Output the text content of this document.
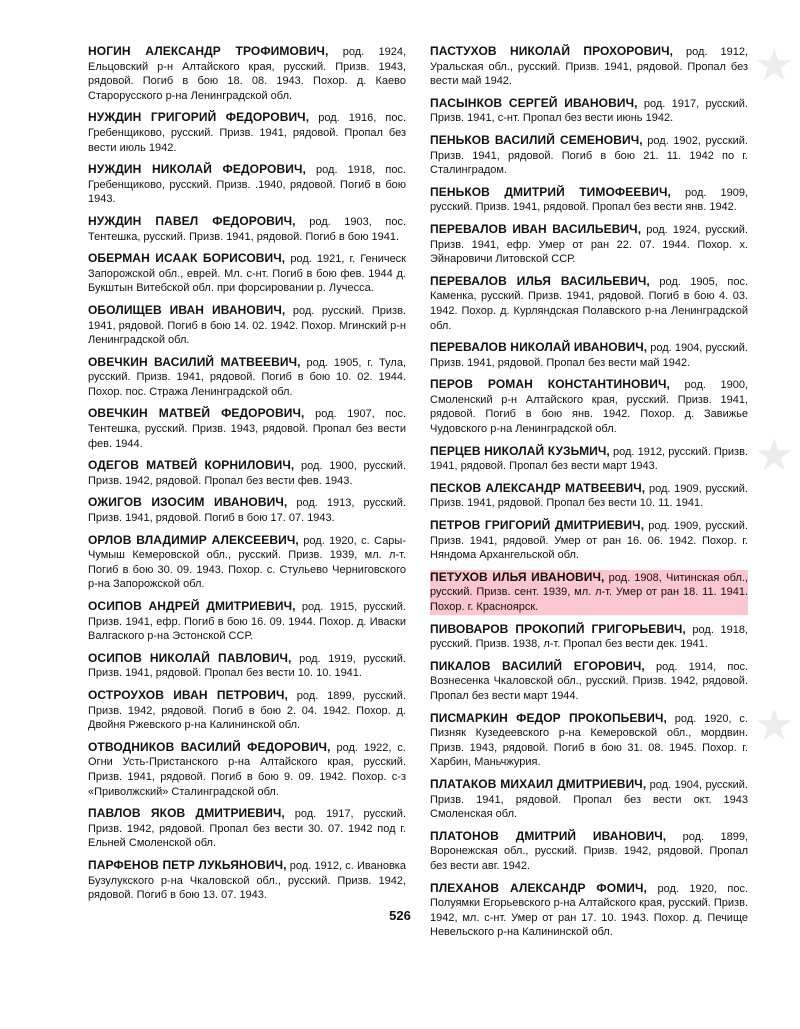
★
★
★

НОГИН АЛЕКСАНДР ТРОФИМОВИЧ, род. 1924, Ельцовский р-н Алтайского края, русский. Призв. 1943, рядовой. Погиб в бою 18. 08. 1943. Похор. д. Каево Старорусского р-на Ленинградской обл.

НУЖДИН ГРИГОРИЙ ФЕДОРОВИЧ, род. 1916, пос. Гребенщиково, русский. Призв. 1941, рядовой. Пропал без вести июль 1942.

НУЖДИН НИКОЛАЙ ФЕДОРОВИЧ, род. 1918, пос. Гребенщиково, русский. Призв. .1940, рядовой. Погиб в бою 1943.

НУЖДИН ПАВЕЛ ФЕДОРОВИЧ, род. 1903, пос. Тентешка, русский. Призв. 1941, рядовой. Погиб в бою 1941.

ОБЕРМАН ИСААК БОРИСОВИЧ, род. 1921, г. Геническ Запорожской обл., еврей. Мл. с-нт. Погиб в бою фев. 1944 д. Букштын Витебской обл. при форсировании р. Лучесса.

ОБОЛИЩЕВ ИВАН ИВАНОВИЧ, род. русский. Призв. 1941, рядовой. Погиб в бою 14. 02. 1942. Похор. Мгинский р-н Ленинградской обл.

ОВЕЧКИН ВАСИЛИЙ МАТВЕЕВИЧ, род. 1905, г. Тула, русский. Призв. 1941, рядовой. Погиб в бою 10. 02. 1944. Похор. пос. Стража Ленинградской обл.

ОВЕЧКИН МАТВЕЙ ФЕДОРОВИЧ, род. 1907, пос. Тентешка, русский. Призв. 1943, рядовой. Пропал без вести фев. 1944.

ОДЕГОВ МАТВЕЙ КОРНИЛОВИЧ, род. 1900, русский. Призв. 1942, рядовой. Пропал без вести фев. 1943.

ОЖИГОВ ИЗОСИМ ИВАНОВИЧ, род. 1913, русский. Призв. 1941, рядовой. Погиб в бою 17. 07. 1943.

ОРЛОВ ВЛАДИМИР АЛЕКСЕЕВИЧ, род. 1920, с. Сары-Чумыш Кемеровской обл., русский. Призв. 1939, мл. л-т. Погиб в бою 30. 09. 1943. Похор. с. Стульево Черниговского р-на Запорожской обл.

ОСИПОВ АНДРЕЙ ДМИТРИЕВИЧ, род. 1915, русский. Призв. 1941, ефр. Погиб в бою 16. 09. 1944. Похор. д. Иваски Валгаского р-на Эстонской ССР.

ОСИПОВ НИКОЛАЙ ПАВЛОВИЧ, род. 1919, русский. Призв. 1941, рядовой. Пропал без вести 10. 10. 1941.

ОСТРОУХОВ ИВАН ПЕТРОВИЧ, род. 1899, русский. Призв. 1942, рядовой. Погиб в бою 2. 04. 1942. Похор. д. Двойня Ржевского р-на Калининской обл.

ОТВОДНИКОВ ВАСИЛИЙ ФЕДОРОВИЧ, род. 1922, с. Огни Усть-Пристанского р-на Алтайского края, русский. Призв. 1941, рядовой. Погиб в бою 9. 09. 1942. Похор. с-з «Приволжский» Сталинградской обл.

ПАВЛОВ ЯКОВ ДМИТРИЕВИЧ, род. 1917, русский. Призв. 1942, рядовой. Пропал без вести 30. 07. 1942 под г. Ельней Смоленской обл.

ПАРФЕНОВ ПЕТР ЛУКЬЯНОВИЧ, род. 1912, с. Ивановка Бузулукского р-на Чкаловской обл., русский. Призв. 1942, рядовой. Погиб в бою 13. 07. 1943.

ПАСТУХОВ НИКОЛАЙ ПРОХОРОВИЧ, род. 1912, Уральская обл., русский. Призв. 1941, рядовой. Пропал без вести май 1942.

ПАСЫНКОВ СЕРГЕЙ ИВАНОВИЧ, род. 1917, русский. Призв. 1941, с-нт. Пропал без вести июнь 1942.

ПЕНЬКОВ ВАСИЛИЙ СЕМЕНОВИЧ, род. 1902, русский. Призв. 1941, рядовой. Погиб в бою 21. 11. 1942 по г. Сталинградом.

ПЕНЬКОВ ДМИТРИЙ ТИМОФЕЕВИЧ, род. 1909, русский. Призв. 1941, рядовой. Пропал без вести янв. 1942.

ПЕРЕВАЛОВ ИВАН ВАСИЛЬЕВИЧ, род. 1924, русский. Призв. 1941, ефр. Умер от ран 22. 07. 1944. Похор. х. Эйнаровичи Литовской ССР.

ПЕРЕВАЛОВ ИЛЬЯ ВАСИЛЬЕВИЧ, род. 1905, пос. Каменка, русский. Призв. 1941, рядовой. Погиб в бою 4. 03. 1942. Похор. д. Курляндская Полавского р-на Ленинградской обл.

ПЕРЕВАЛОВ НИКОЛАЙ ИВАНОВИЧ, род. 1904, русский. Призв. 1941, рядовой. Пропал без вести май 1942.

ПЕРОВ РОМАН КОНСТАНТИНОВИЧ, род. 1900, Смоленский р-н Алтайского края, русский. Призв. 1941, рядовой. Погиб в бою янв. 1942. Похор. д. Завижье Чудовского р-на Ленинградской обл.

ПЕРЦЕВ НИКОЛАЙ КУЗЬМИЧ, род. 1912, русский. Призв. 1941, рядовой. Пропал без вести март 1943.

ПЕСКОВ АЛЕКСАНДР МАТВЕЕВИЧ, род. 1909, русский. Призв. 1941, рядовой. Пропал без вести 10. 11. 1941.

ПЕТРОВ ГРИГОРИЙ ДМИТРИЕВИЧ, род. 1909, русский. Призв. 1941, рядовой. Умер от ран 16. 06. 1942. Похор. г. Няндома Архангельской обл.

ПЕТУХОВ ИЛЬЯ ИВАНОВИЧ, род. 1908, Читинская обл., русский. Призв. сент. 1939, мл. л-т. Умер от ран 18. 11. 1941. Похор. г. Красноярск.

ПИВОВАРОВ ПРОКОПИЙ ГРИГОРЬЕВИЧ, род. 1918, русский. Призв. 1938, л-т. Пропал без вести дек. 1941.

ПИКАЛОВ ВАСИЛИЙ ЕГОРОВИЧ, род. 1914, пос. Вознесенка Чкаловской обл., русский. Призв. 1942, рядовой. Пропал без вести март 1944.

ПИСМАРКИН ФЕДОР ПРОКОПЬЕВИЧ, род. 1920, с. Пизняк Кузедеевского р-на Кемеровской обл., мордвин. Призв. 1943, рядовой. Погиб в бою 31. 08. 1945. Похор. г. Харбин, Маньчжурия.

ПЛАТАКОВ МИХАИЛ ДМИТРИЕВИЧ, род. 1904, русский. Призв. 1941, рядовой. Пропал без вести окт. 1943 Смоленская обл.

ПЛАТОНОВ ДМИТРИЙ ИВАНОВИЧ, род. 1899, Воронежская обл., русский. Призв. 1942, рядовой. Пропал без вести авг. 1942.

ПЛЕХАНОВ АЛЕКСАНДР ФОМИЧ, род. 1920, пос. Полуямки Егорьевского р-на Алтайского края, русский. Призв. 1942, мл. с-нт. Умер от ран 17. 10. 1943. Похор. д. Печище Невельского р-на Калининской обл.

526
